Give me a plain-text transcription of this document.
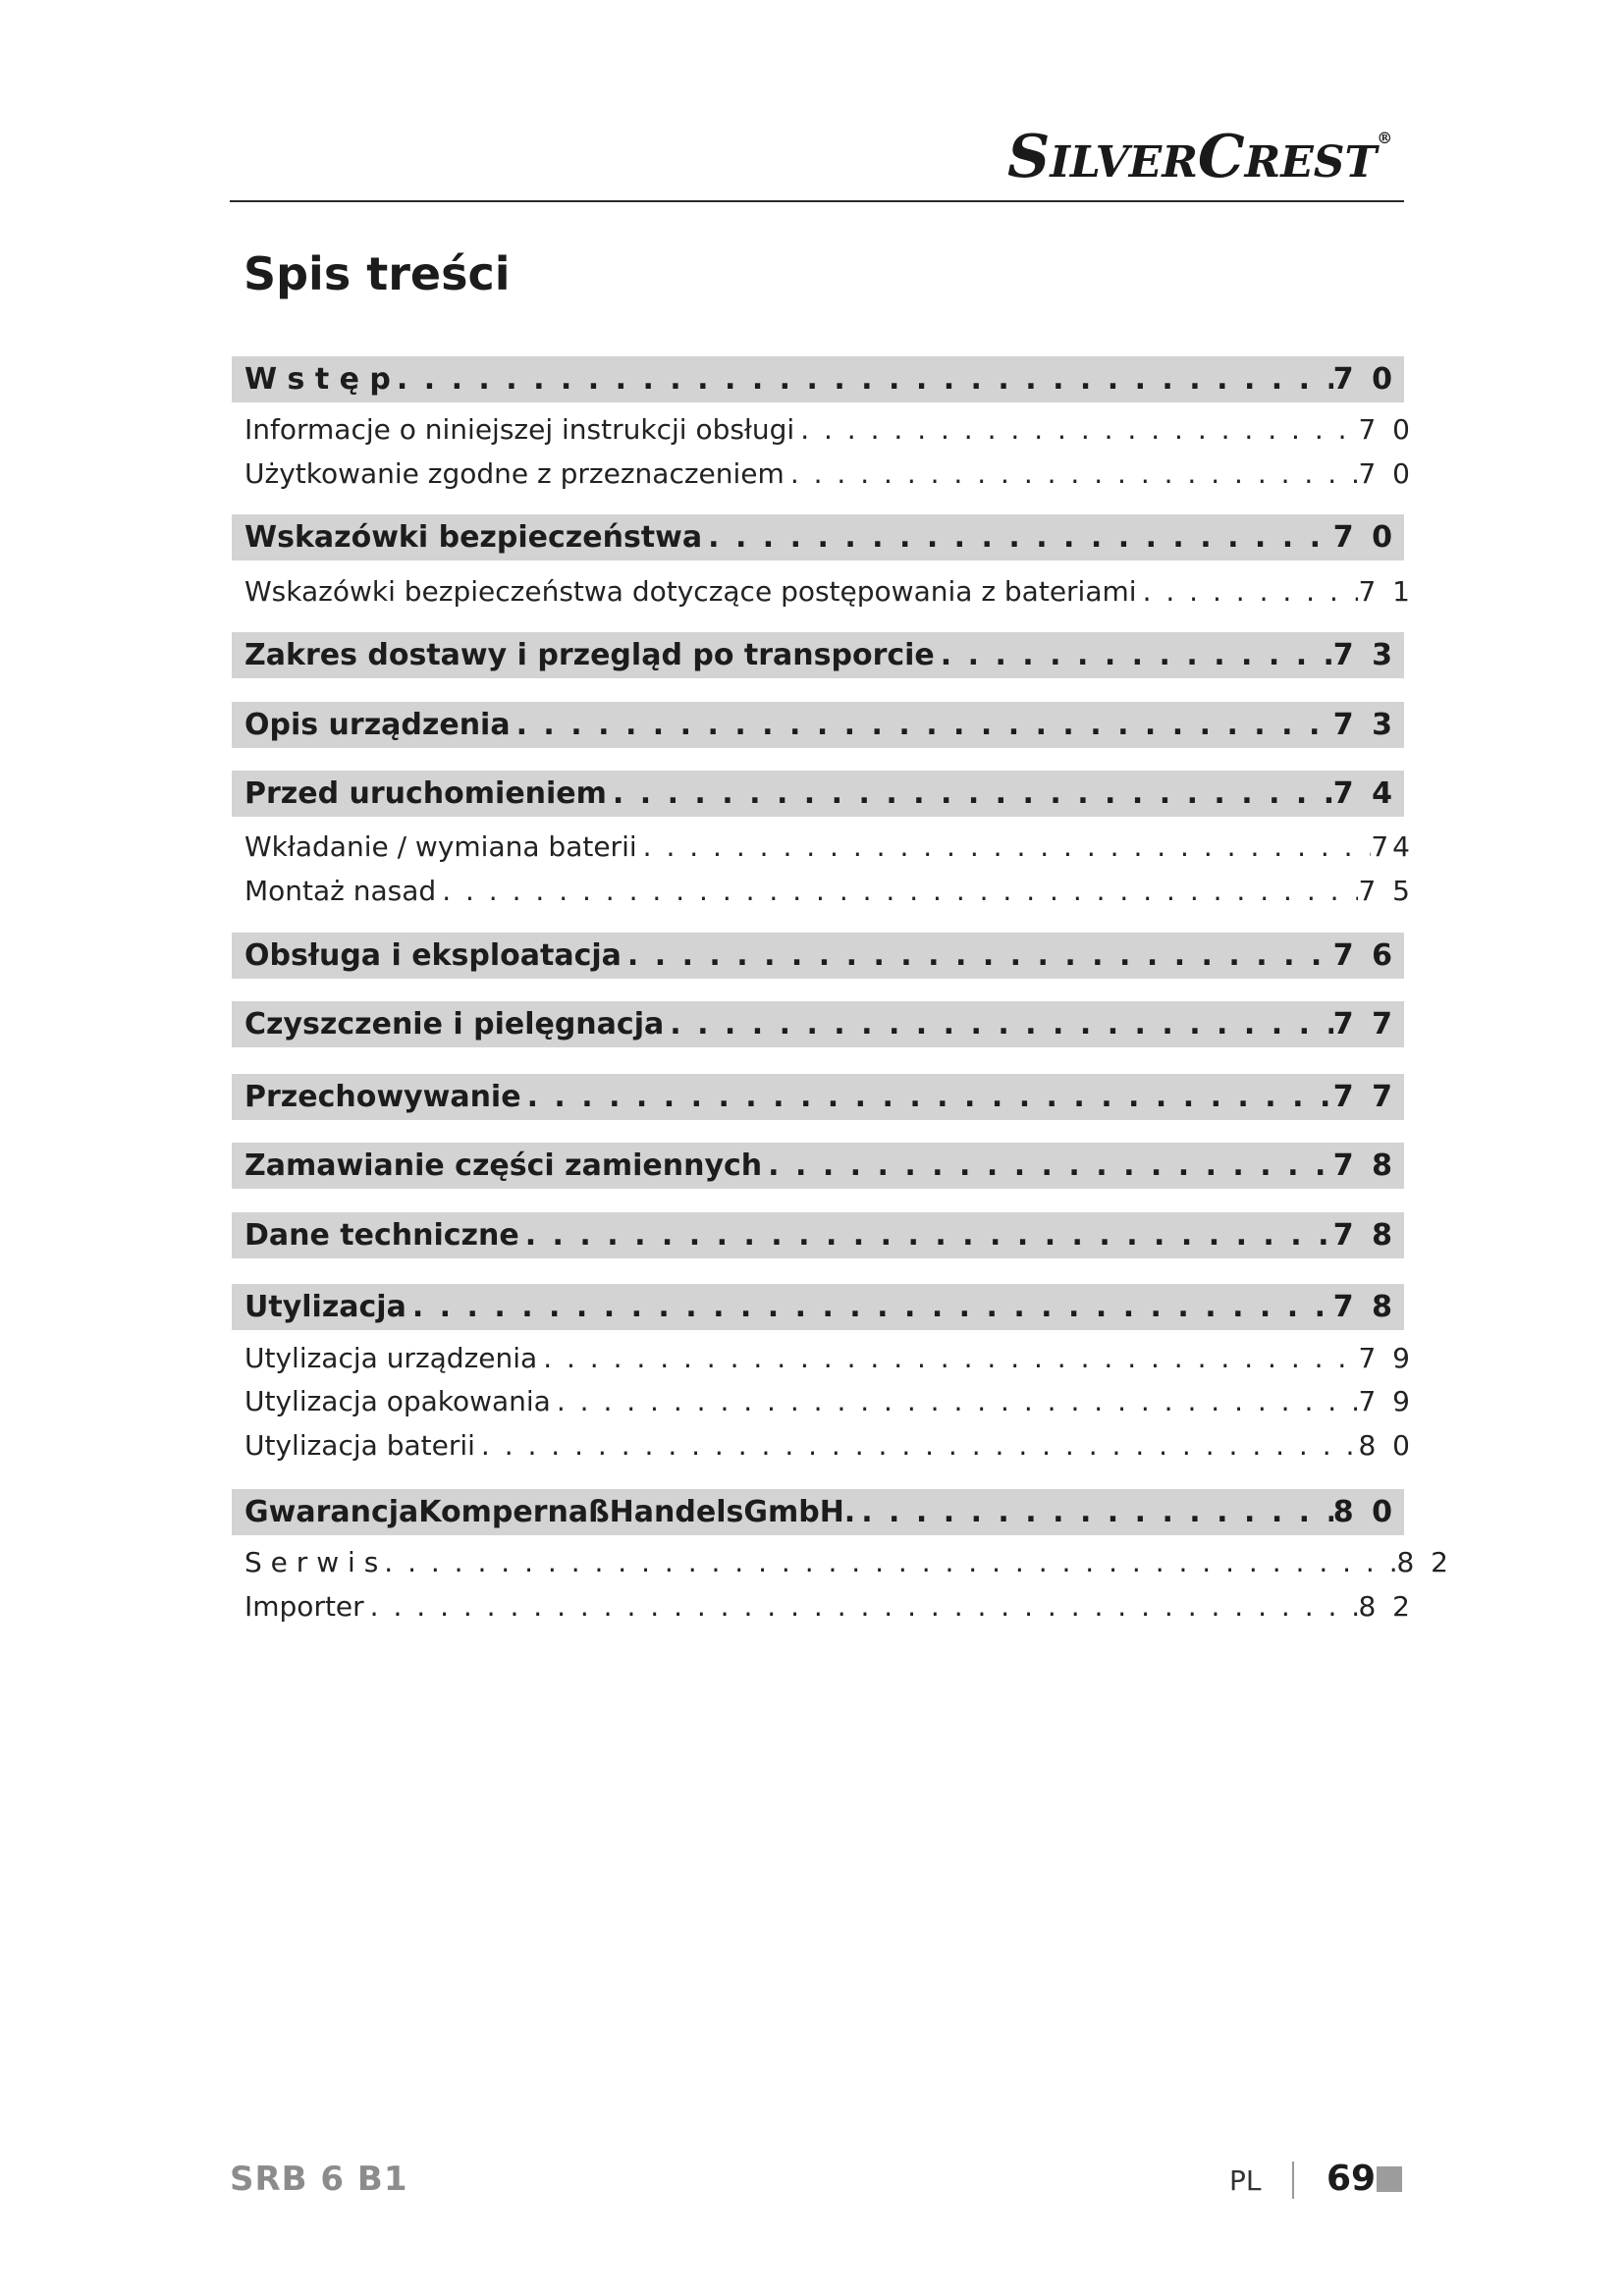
SILVERCREST®
Spis treści
W s t ę p . . .	7 0
Informacje o niniejszej instrukcji obsługi . . .	7 0
Użytkowanie zgodne z przeznaczeniem . . .	7 0
Wskazówki bezpieczeństwa . . .	7 0
Wskazówki bezpieczeństwa dotyczące postępowania z bateriami . . .	7 1
Zakres dostawy i przegląd po transporcie . . .	7 3
Opis urządzenia . . .	7 3
Przed uruchomieniem . . .	7 4
Wkładanie / wymiana baterii . . .	74
Montaż nasad . . .	7 5
Obsługa i eksploatacja . . .	7 6
Czyszczenie i pielęgnacja . . .	7 7
Przechowywanie . . .	7 7
Zamawianie części zamiennych . . .	7 8
Dane techniczne . . .	7 8
Utylizacja . . .	7 8
Utylizacja urządzenia . . .	7 9
Utylizacja opakowania . . .	7 9
Utylizacja baterii . . .	8 0
GwarancjaKompernaßHandelsGmbH. . . .	8 0
S e r w i s . . .	8 2
Importer . . .	8 2
SRB 6 B1	PL 69
